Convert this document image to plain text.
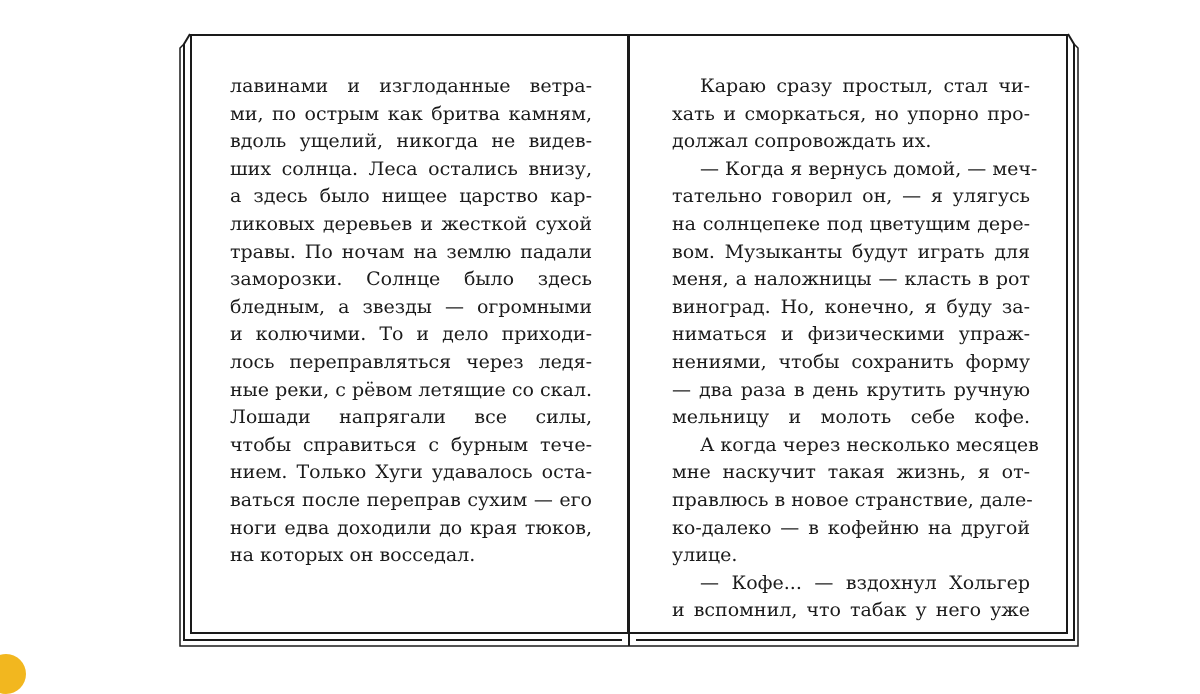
лавинами и изглоданные ветра-
ми, по острым как бритва камням,
вдоль ущелий, никогда не видев-
ших солнца. Леса остались внизу,
а здесь было нищее царство кар-
ликовых деревьев и жесткой сухой
травы. По ночам на землю падали
заморозки. Солнце было здесь
бледным, а звезды — огромными
и колючими. То и дело приходи-
лось переправляться через ледя-
ные реки, с рёвом летящие со скал.
Лошади напрягали все силы,
чтобы справиться с бурным тече-
нием. Только Хуги удавалось оста-
ваться после переправ сухим — его
ноги едва доходили до края тюков,
на которых он восседал.
Караю сразу простыл, стал чи-
хать и сморкаться, но упорно про-
должал сопровождать их.
— Когда я вернусь домой, — меч-
тательно говорил он, — я улягусь
на солнцепеке под цветущим дере-
вом. Музыканты будут играть для
меня, а наложницы — класть в рот
виноград. Но, конечно, я буду за-
ниматься и физическими упраж-
нениями, чтобы сохранить форму
— два раза в день крутить ручную
мельницу и молоть себе кофе.
А когда через несколько месяцев
мне наскучит такая жизнь, я от-
правлюсь в новое странствие, дале-
ко-далеко — в кофейню на другой
улице.
— Кофе... — вздохнул Хольгер
и вспомнил, что табак у него уже
